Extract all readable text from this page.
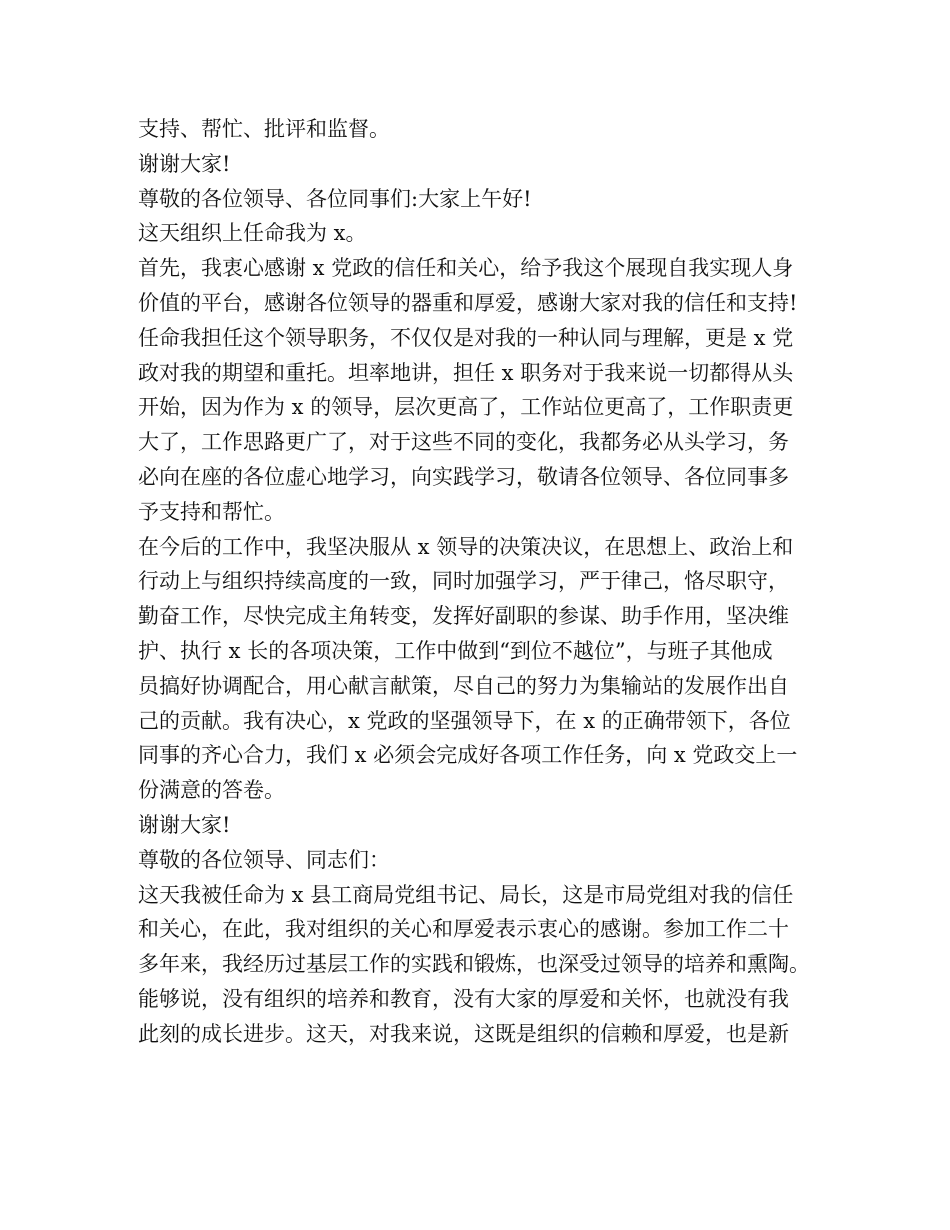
支持、帮忙、批评和监督。
谢谢大家!
尊敬的各位领导、各位同事们:大家上午好!
这天组织上任命我为 x。
首先，我衷心感谢 x 党政的信任和关心，给予我这个展现自我实现人身
价值的平台，感谢各位领导的器重和厚爱，感谢大家对我的信任和支持!
任命我担任这个领导职务，不仅仅是对我的一种认同与理解，更是 x 党
政对我的期望和重托。坦率地讲，担任 x 职务对于我来说一切都得从头
开始，因为作为 x 的领导，层次更高了，工作站位更高了，工作职责更
大了，工作思路更广了，对于这些不同的变化，我都务必从头学习，务
必向在座的各位虚心地学习，向实践学习，敬请各位领导、各位同事多
予支持和帮忙。
在今后的工作中，我坚决服从 x 领导的决策决议，在思想上、政治上和
行动上与组织持续高度的一致，同时加强学习，严于律己，恪尽职守，
勤奋工作，尽快完成主角转变，发挥好副职的参谋、助手作用，坚决维
护、执行 x 长的各项决策，工作中做到“到位不越位”，与班子其他成
员搞好协调配合，用心献言献策，尽自己的努力为集输站的发展作出自
己的贡献。我有决心，x 党政的坚强领导下，在 x 的正确带领下，各位
同事的齐心合力，我们 x 必须会完成好各项工作任务，向 x 党政交上一
份满意的答卷。
谢谢大家!
尊敬的各位领导、同志们：
这天我被任命为 x 县工商局党组书记、局长，这是市局党组对我的信任
和关心，在此，我对组织的关心和厚爱表示衷心的感谢。参加工作二十
多年来，我经历过基层工作的实践和锻炼，也深受过领导的培养和熏陶。
能够说，没有组织的培养和教育，没有大家的厚爱和关怀，也就没有我
此刻的成长进步。这天，对我来说，这既是组织的信赖和厚爱，也是新
